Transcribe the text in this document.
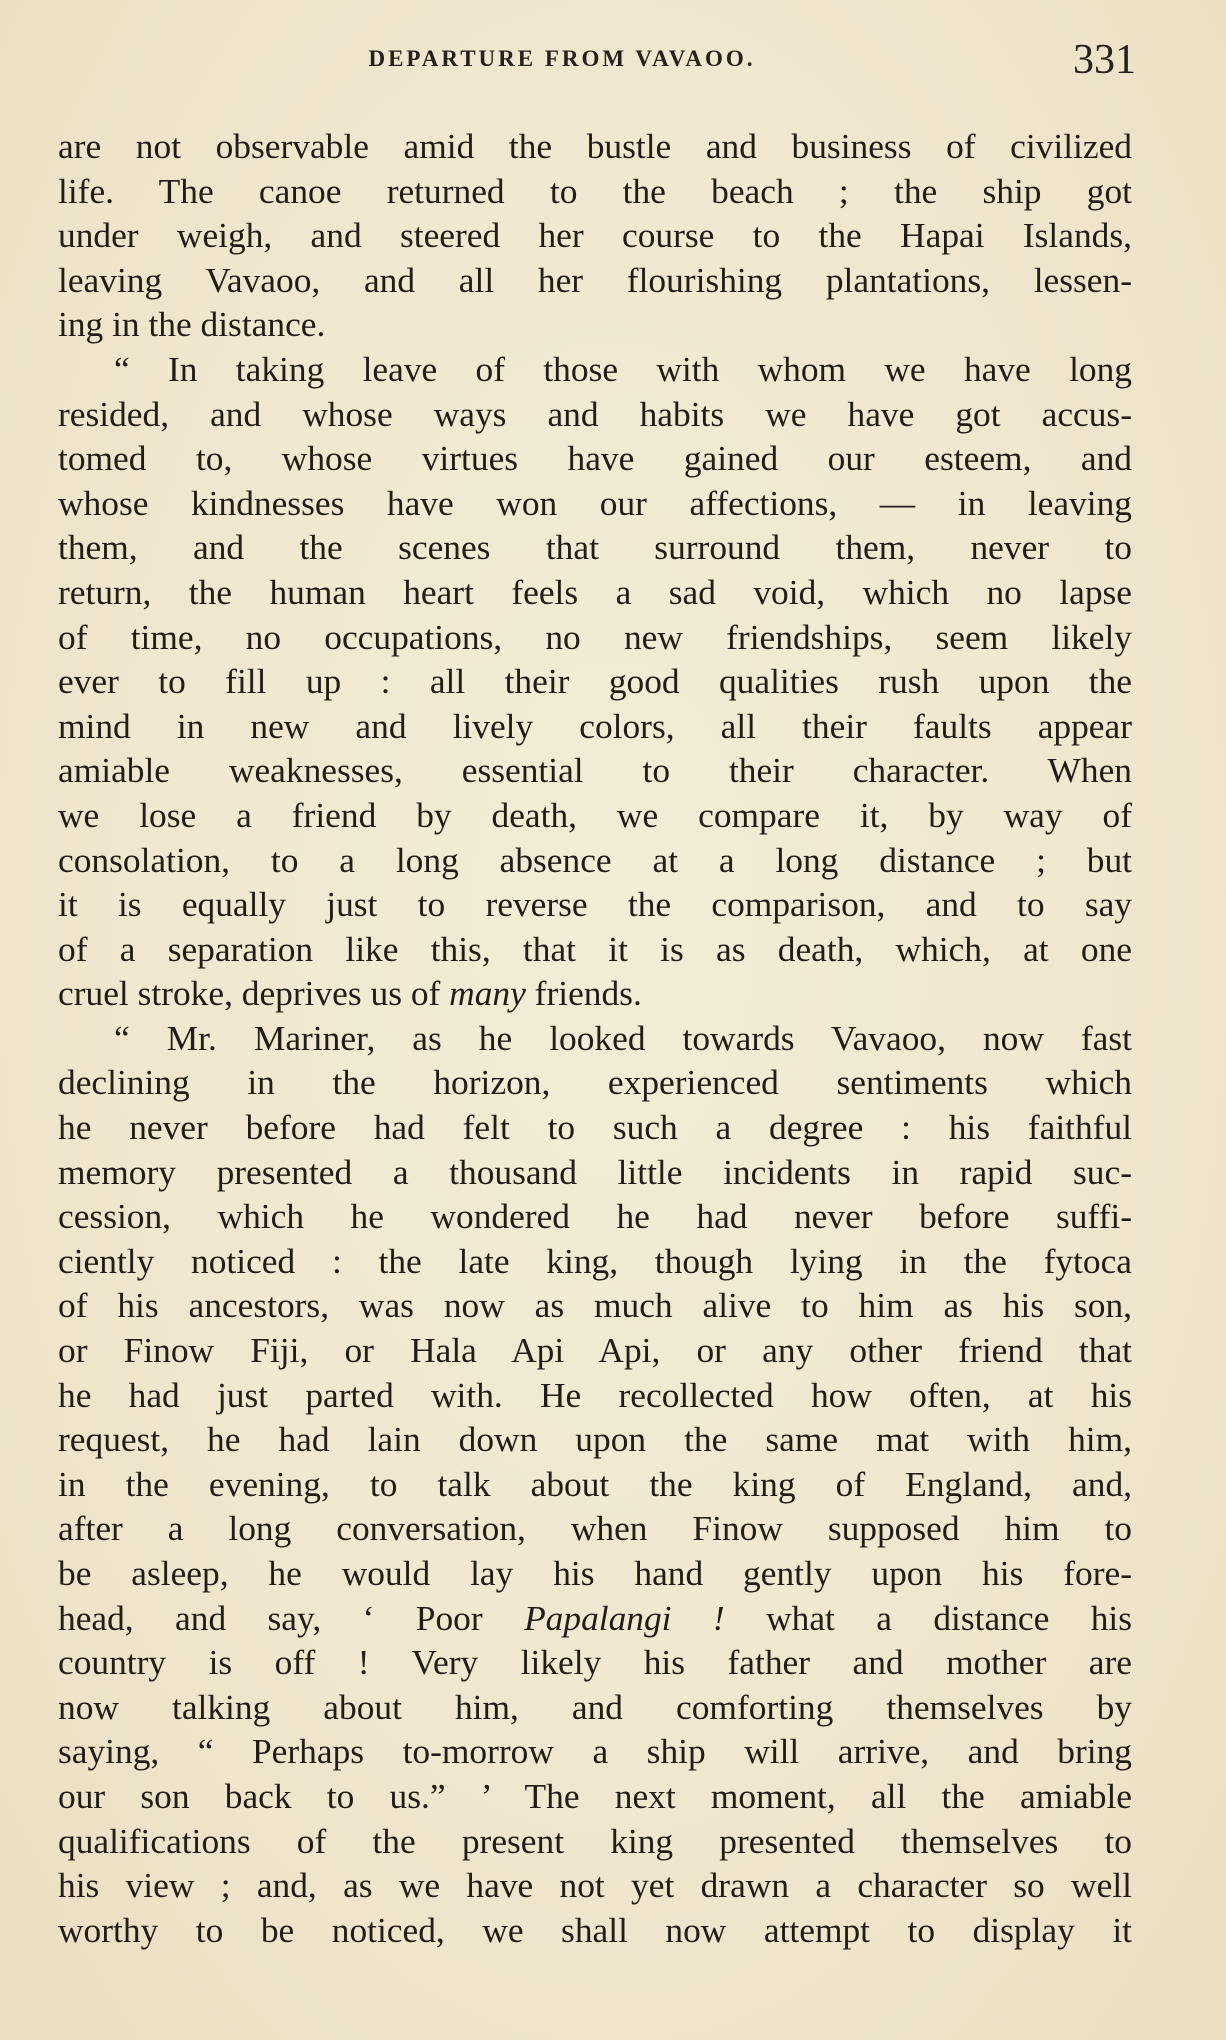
DEPARTURE FROM VAVAOO.	331
are not observable amid the bustle and business of civilized
life. The canoe returned to the beach ; the ship got
under weigh, and steered her course to the Hapai Islands,
leaving Vavaoo, and all her flourishing plantations, lessen-
ing in the distance.
“ In taking leave of those with whom we have long
resided, and whose ways and habits we have got accus-
tomed to, whose virtues have gained our esteem, and
whose kindnesses have won our affections, — in leaving
them, and the scenes that surround them, never to
return, the human heart feels a sad void, which no lapse
of time, no occupations, no new friendships, seem likely
ever to fill up : all their good qualities rush upon the
mind in new and lively colors, all their faults appear
amiable weaknesses, essential to their character. When
we lose a friend by death, we compare it, by way of
consolation, to a long absence at a long distance ; but
it is equally just to reverse the comparison, and to say
of a separation like this, that it is as death, which, at one
cruel stroke, deprives us of many friends.
“ Mr. Mariner, as he looked towards Vavaoo, now fast
declining in the horizon, experienced sentiments which
he never before had felt to such a degree : his faithful
memory presented a thousand little incidents in rapid suc-
cession, which he wondered he had never before suffi-
ciently noticed : the late king, though lying in the fytoca
of his ancestors, was now as much alive to him as his son,
or Finow Fiji, or Hala Api Api, or any other friend that
he had just parted with. He recollected how often, at his
request, he had lain down upon the same mat with him,
in the evening, to talk about the king of England, and,
after a long conversation, when Finow supposed him to
be asleep, he would lay his hand gently upon his fore-
head, and say, ‘ Poor Papalangi ! what a distance his
country is off ! Very likely his father and mother are
now talking about him, and comforting themselves by
saying, “ Perhaps to-morrow a ship will arrive, and bring
our son back to us.” ’ The next moment, all the amiable
qualifications of the present king presented themselves to
his view ; and, as we have not yet drawn a character so well
worthy to be noticed, we shall now attempt to display it
